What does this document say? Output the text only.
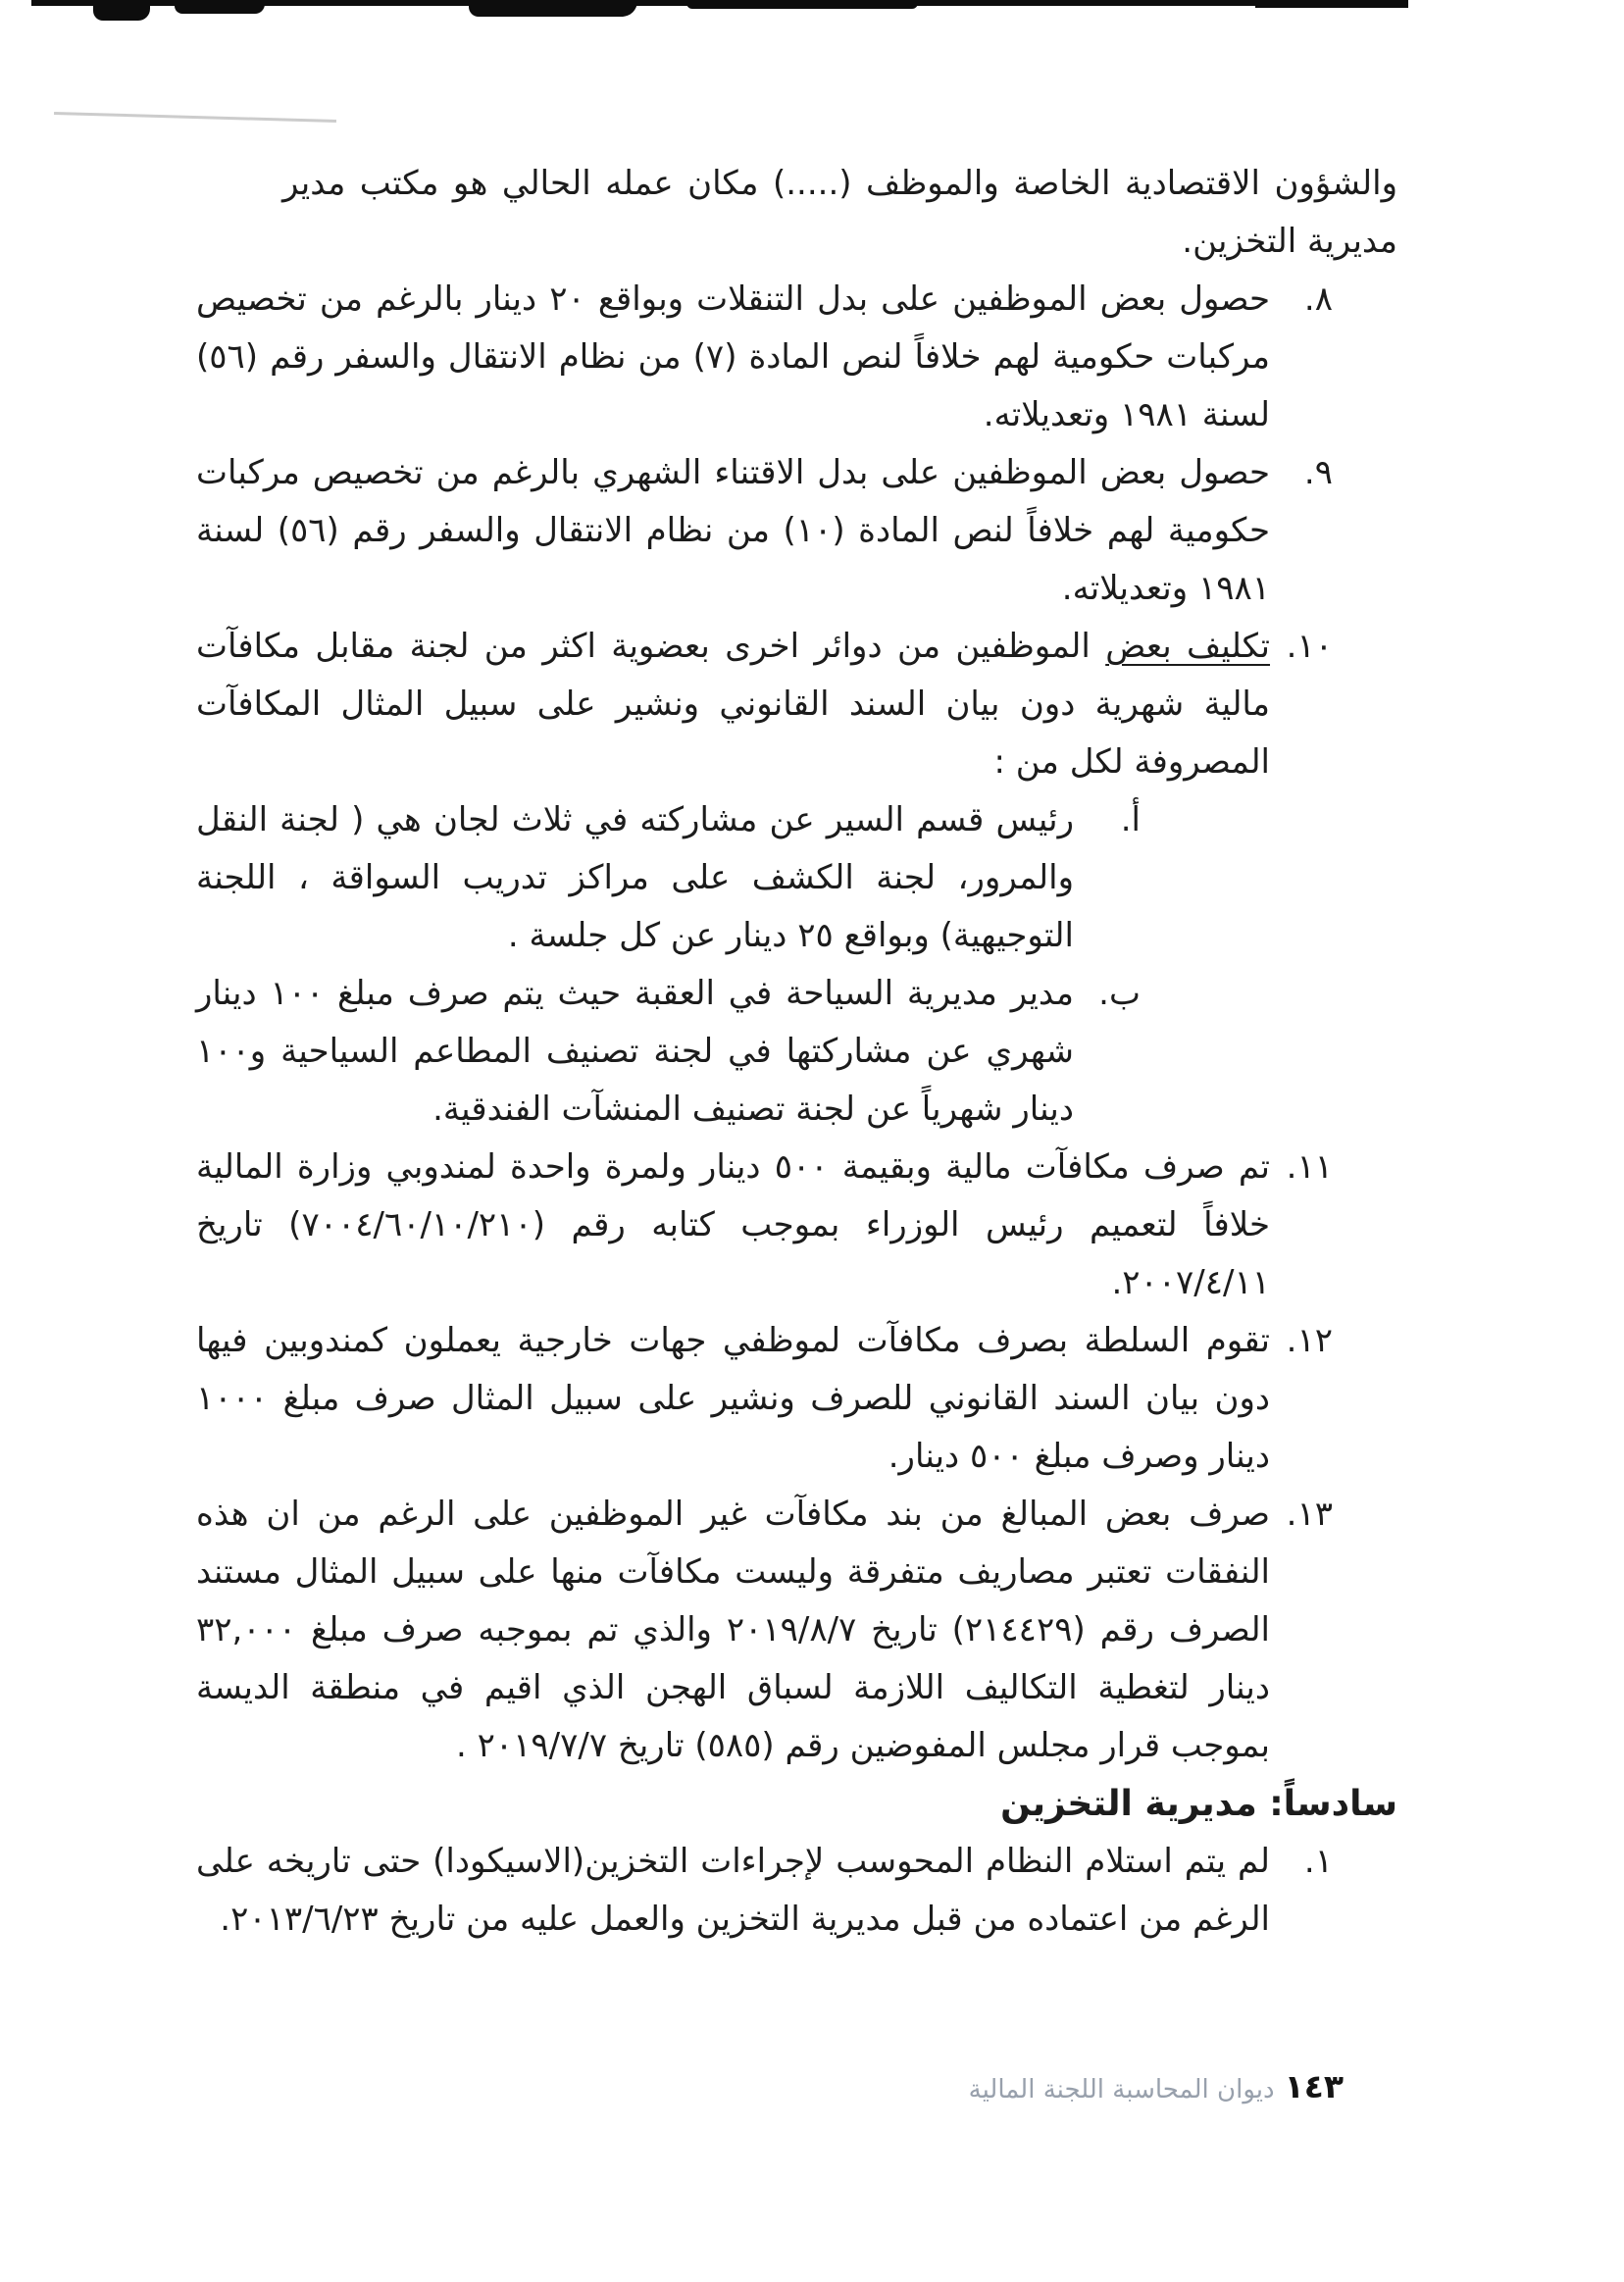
والشؤون الاقتصادية الخاصة والموظف (.....) مكان عمله الحالي هو مكتب مدير مديرية التخزين.

٨.

حصول بعض الموظفين على بدل التنقلات وبواقع ٢٠ دينار بالرغم من تخصيص مركبات حكومية لهم خلافاً لنص المادة (٧) من نظام الانتقال والسفر رقم (٥٦) لسنة ١٩٨١ وتعديلاته.

٩.

حصول بعض الموظفين على بدل الاقتناء الشهري بالرغم من تخصيص مركبات حكومية لهم خلافاً لنص المادة (١٠) من نظام الانتقال والسفر رقم (٥٦) لسنة ١٩٨١ وتعديلاته.

١٠.

تكليف بعض الموظفين من دوائر اخرى بعضوية اكثر من لجنة مقابل مكافآت مالية شهرية دون بيان السند القانوني ونشير على سبيل المثال المكافآت المصروفة لكل من :

أ.

رئيس قسم السير عن مشاركته في ثلاث لجان هي ( لجنة النقل والمرور، لجنة الكشف على مراكز تدريب السواقة ، اللجنة التوجيهية) وبواقع ٢٥ دينار عن كل جلسة .

ب.

مدير مديرية السياحة في العقبة حيث يتم صرف مبلغ ١٠٠ دينار شهري عن مشاركتها في لجنة تصنيف المطاعم السياحية و١٠٠ دينار شهرياً عن لجنة تصنيف المنشآت الفندقية.

١١.

تم صرف مكافآت مالية وبقيمة ٥٠٠ دينار ولمرة واحدة لمندوبي وزارة المالية خلافاً لتعميم رئيس الوزراء بموجب كتابه رقم (٧٠٠٤/٦٠/١٠/٢١٠) تاريخ ٢٠٠٧/٤/١١.

١٢.

تقوم السلطة بصرف مكافآت لموظفي جهات خارجية يعملون كمندوبين فيها دون بيان السند القانوني للصرف ونشير على سبيل المثال صرف مبلغ ١٠٠٠ دينار وصرف مبلغ ٥٠٠ دينار.

١٣.

صرف بعض المبالغ من بند مكافآت غير الموظفين على الرغم من ان هذه النفقات تعتبر مصاريف متفرقة وليست مكافآت منها على سبيل المثال مستند الصرف رقم (٢١٤٤٢٩) تاريخ ٢٠١٩/٨/٧ والذي تم بموجبه صرف مبلغ ٣٢,٠٠٠ دينار لتغطية التكاليف اللازمة لسباق الهجن الذي اقيم في منطقة الديسة بموجب قرار مجلس المفوضين رقم (٥٨٥) تاريخ ٢٠١٩/٧/٧ .

سادساً: مديرية التخزين
١.

لم يتم استلام النظام المحوسب لإجراءات التخزين(الاسيكودا) حتى تاريخه على الرغم من اعتماده من قبل مديرية التخزين والعمل عليه من تاريخ ٢٠١٣/٦/٢٣.

١٤٣ديوان المحاسبة اللجنة المالية
